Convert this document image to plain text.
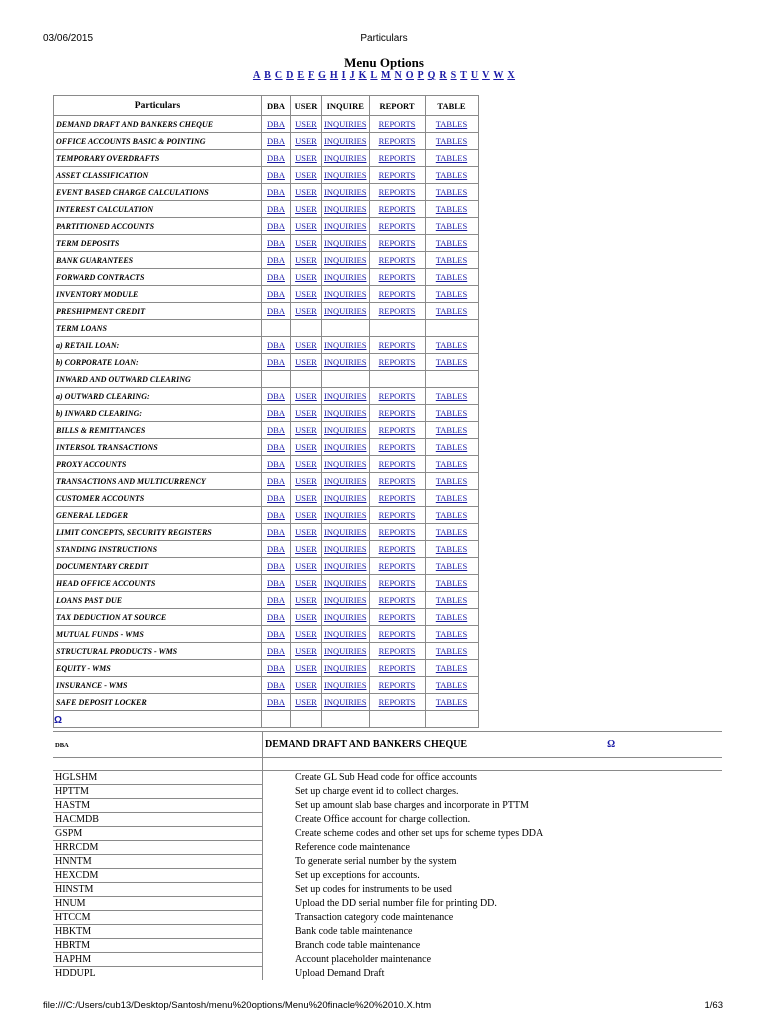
03/06/2015	Particulars
Menu Options
A B C D E F G H I J K L M N O P Q R S T U V W X
Particulars	DBA	USER	INQUIRE	REPORT	TABLE
DEMAND DRAFT AND BANKERS CHEQUE	DBA	USER	INQUIRIES	REPORTS	TABLES
OFFICE ACCOUNTS BASIC & POINTING	DBA	USER	INQUIRIES	REPORTS	TABLES
TEMPORARY OVERDRAFTS	DBA	USER	INQUIRIES	REPORTS	TABLES
ASSET CLASSIFICATION	DBA	USER	INQUIRIES	REPORTS	TABLES
EVENT BASED CHARGE CALCULATIONS	DBA	USER	INQUIRIES	REPORTS	TABLES
INTEREST CALCULATION	DBA	USER	INQUIRIES	REPORTS	TABLES
PARTITIONED ACCOUNTS	DBA	USER	INQUIRIES	REPORTS	TABLES
TERM DEPOSITS	DBA	USER	INQUIRIES	REPORTS	TABLES
BANK GUARANTEES	DBA	USER	INQUIRIES	REPORTS	TABLES
FORWARD CONTRACTS	DBA	USER	INQUIRIES	REPORTS	TABLES
INVENTORY MODULE	DBA	USER	INQUIRIES	REPORTS	TABLES
PRESHIPMENT CREDIT	DBA	USER	INQUIRIES	REPORTS	TABLES
TERM LOANS					
a) RETAIL LOAN:	DBA	USER	INQUIRIES	REPORTS	TABLES
b) CORPORATE LOAN:	DBA	USER	INQUIRIES	REPORTS	TABLES
INWARD AND OUTWARD CLEARING					
a) OUTWARD CLEARING:	DBA	USER	INQUIRIES	REPORTS	TABLES
b) INWARD CLEARING:	DBA	USER	INQUIRIES	REPORTS	TABLES
BILLS & REMITTANCES	DBA	USER	INQUIRIES	REPORTS	TABLES
INTERSOL TRANSACTIONS	DBA	USER	INQUIRIES	REPORTS	TABLES
PROXY ACCOUNTS	DBA	USER	INQUIRIES	REPORTS	TABLES
TRANSACTIONS AND MULTICURRENCY	DBA	USER	INQUIRIES	REPORTS	TABLES
CUSTOMER ACCOUNTS	DBA	USER	INQUIRIES	REPORTS	TABLES
GENERAL LEDGER	DBA	USER	INQUIRIES	REPORTS	TABLES
LIMIT CONCEPTS, SECURITY REGISTERS	DBA	USER	INQUIRIES	REPORTS	TABLES
STANDING INSTRUCTIONS	DBA	USER	INQUIRIES	REPORTS	TABLES
DOCUMENTARY CREDIT	DBA	USER	INQUIRIES	REPORTS	TABLES
HEAD OFFICE ACCOUNTS	DBA	USER	INQUIRIES	REPORTS	TABLES
LOANS PAST DUE	DBA	USER	INQUIRIES	REPORTS	TABLES
TAX DEDUCTION AT SOURCE	DBA	USER	INQUIRIES	REPORTS	TABLES
MUTUAL FUNDS - WMS	DBA	USER	INQUIRIES	REPORTS	TABLES
STRUCTURAL PRODUCTS - WMS	DBA	USER	INQUIRIES	REPORTS	TABLES
EQUITY - WMS	DBA	USER	INQUIRIES	REPORTS	TABLES
INSURANCE - WMS	DBA	USER	INQUIRIES	REPORTS	TABLES
SAFE DEPOSIT LOCKER	DBA	USER	INQUIRIES	REPORTS	TABLES

Ω
DBA	DEMAND DRAFT AND BANKERS CHEQUE Ω

HGLSHM	Create GL Sub Head code for office accounts
HPTTM	Set up charge event id to collect charges.
HASTM	Set up amount slab base charges and incorporate in PTTM
HACMDB	Create Office account for charge collection.
GSPM	Create scheme codes and other set ups for scheme types DDA
HRRCDM	Reference code maintenance
HNNTM	To generate serial number by the system
HEXCDM	Set up exceptions for accounts.
HINSTM	Set up codes for instruments to be used
HNUM	Upload the DD serial number file for printing DD.
HTCCM	Transaction category code maintenance
HBKTM	Bank code table maintenance
HBRTM	Branch code table maintenance
HAPHM	Account placeholder maintenance
HDDUPL	Upload Demand Draft
file:///C:/Users/cub13/Desktop/Santosh/menu%20options/Menu%20finacle%20%2010.X.htm	1/63
